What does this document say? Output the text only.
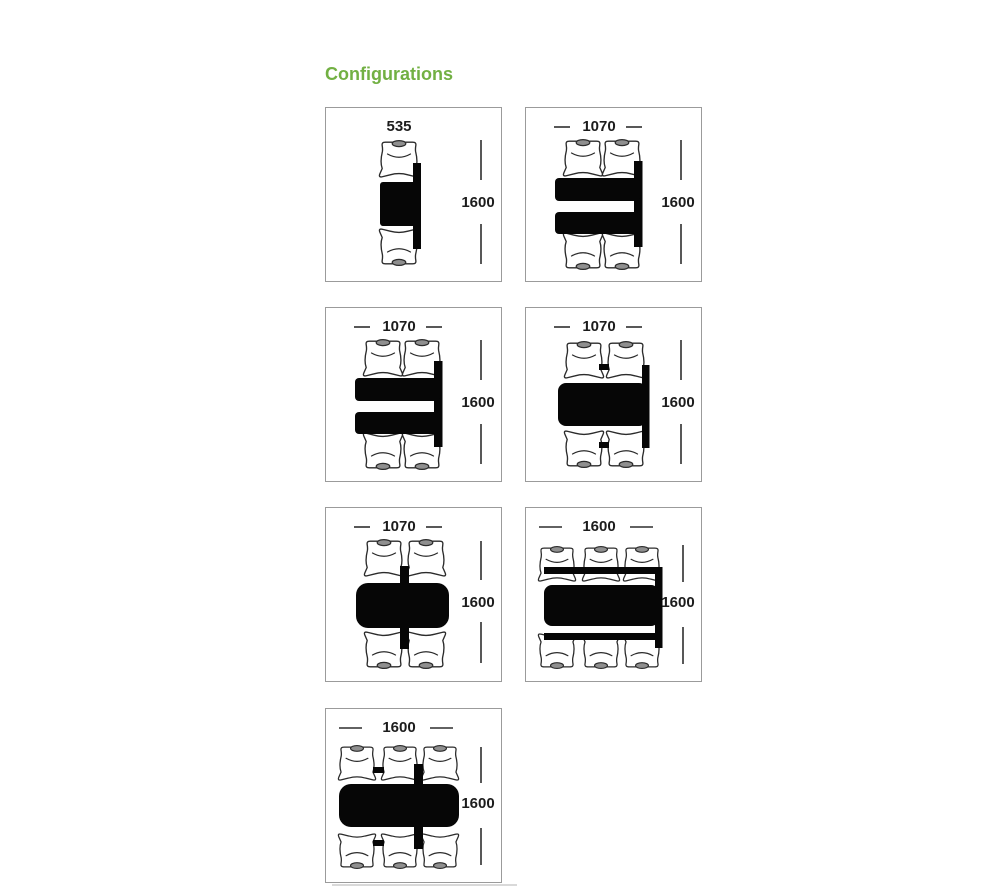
Configurations
535
1600
1070
1600
1070
1600
1070
1600
1070
1600
1600
1600
1600
1600
